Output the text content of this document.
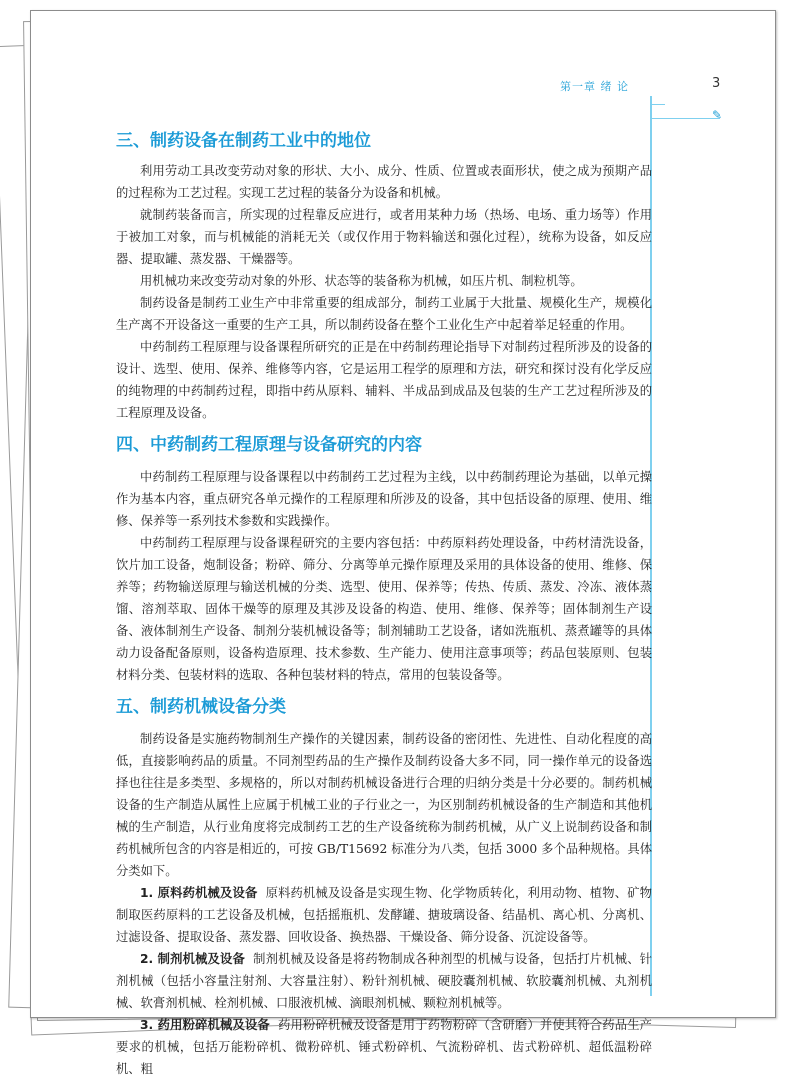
第一章 绪 论	3
✎
三、制药设备在制药工业中的地位

利用劳动工具改变劳动对象的形状、大小、成分、性质、位置或表面形状，使之成为预期产品的过程称为工艺过程。实现工艺过程的装备分为设备和机械。

就制药装备而言，所实现的过程靠反应进行，或者用某种力场（热场、电场、重力场等）作用于被加工对象，而与机械能的消耗无关（或仅作用于物料输送和强化过程），统称为设备，如反应器、提取罐、蒸发器、干燥器等。

用机械功来改变劳动对象的外形、状态等的装备称为机械，如压片机、制粒机等。

制药设备是制药工业生产中非常重要的组成部分，制药工业属于大批量、规模化生产，规模化生产离不开设备这一重要的生产工具，所以制药设备在整个工业化生产中起着举足轻重的作用。

中药制药工程原理与设备课程所研究的正是在中药制药理论指导下对制药过程所涉及的设备的设计、选型、使用、保养、维修等内容，它是运用工程学的原理和方法，研究和探讨没有化学反应的纯物理的中药制药过程，即指中药从原料、辅料、半成品到成品及包装的生产工艺过程所涉及的工程原理及设备。

四、中药制药工程原理与设备研究的内容

中药制药工程原理与设备课程以中药制药工艺过程为主线，以中药制药理论为基础，以单元操作为基本内容，重点研究各单元操作的工程原理和所涉及的设备，其中包括设备的原理、使用、维修、保养等一系列技术参数和实践操作。

中药制药工程原理与设备课程研究的主要内容包括：中药原料药处理设备，中药材清洗设备，饮片加工设备，炮制设备；粉碎、筛分、分离等单元操作原理及采用的具体设备的使用、维修、保养等；药物输送原理与输送机械的分类、选型、使用、保养等；传热、传质、蒸发、冷冻、液体蒸馏、溶剂萃取、固体干燥等的原理及其涉及设备的构造、使用、维修、保养等；固体制剂生产设备、液体制剂生产设备、制剂分装机械设备等；制剂辅助工艺设备，诸如洗瓶机、蒸煮罐等的具体动力设备配备原则，设备构造原理、技术参数、生产能力、使用注意事项等；药品包装原则、包装材料分类、包装材料的选取、各种包装材料的特点，常用的包装设备等。

五、制药机械设备分类

制药设备是实施药物制剂生产操作的关键因素，制药设备的密闭性、先进性、自动化程度的高低，直接影响药品的质量。不同剂型药品的生产操作及制药设备大多不同，同一操作单元的设备选择也往往是多类型、多规格的，所以对制药机械设备进行合理的归纳分类是十分必要的。制药机械设备的生产制造从属性上应属于机械工业的子行业之一，为区别制药机械设备的生产制造和其他机械的生产制造，从行业角度将完成制药工艺的生产设备统称为制药机械，从广义上说制药设备和制药机械所包含的内容是相近的，可按 GB/T15692 标准分为八类，包括 3000 多个品种规格。具体分类如下。

1. 原料药机械及设备 原料药机械及设备是实现生物、化学物质转化，利用动物、植物、矿物制取医药原料的工艺设备及机械，包括摇瓶机、发酵罐、搪玻璃设备、结晶机、离心机、分离机、过滤设备、提取设备、蒸发器、回收设备、换热器、干燥设备、筛分设备、沉淀设备等。

2. 制剂机械及设备 制剂机械及设备是将药物制成各种剂型的机械与设备，包括打片机械、针剂机械（包括小容量注射剂、大容量注射）、粉针剂机械、硬胶囊剂机械、软胶囊剂机械、丸剂机械、软膏剂机械、栓剂机械、口服液机械、滴眼剂机械、颗粒剂机械等。

3. 药用粉碎机械及设备 药用粉碎机械及设备是用于药物粉碎（含研磨）并使其符合药品生产要求的机械，包括万能粉碎机、微粉碎机、锤式粉碎机、气流粉碎机、齿式粉碎机、超低温粉碎机、粗
